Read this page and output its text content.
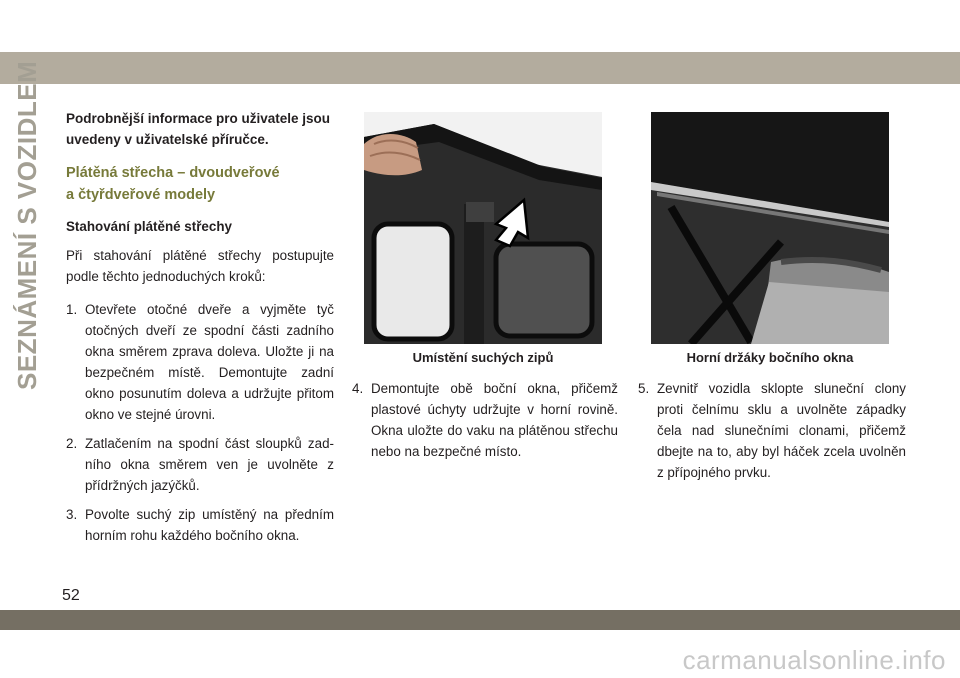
SEZNÁMENÍ S VOZIDLEM Podrobnější informace pro uživatele jsou uvedeny v uživatelské příručce.

Plátěná střecha – dvoudveřové
a čtyřdveřové modely

Stahování plátěné střechy

Při stahování plátěné střechy postupujte podle těchto jednoduchých kroků:

1. Otevřete otočné dveře a vyjměte tyč otočných dveří ze spodní části zadního okna směrem zprava doleva. Uložte ji na bezpečném místě. Demontujte zadní okno posunutím doleva a udržujte přitom okno ve stejné úrovni.
2. Zatlačením na spodní část sloupků zadního okna směrem ven je uvolněte z přídržných jazýčků.
3. Povolte suchý zip umístěný na předním horním rohu každého bočního okna.
Umístění suchých zipů	Horní držáky bočního okna
4. Demontujte obě boční okna, přičemž plastové úchyty udržujte v horní rovině. Okna uložte do vaku na plátěnou střechu nebo na bezpečné místo.
5. Zevnitř vozidla sklopte sluneční clony proti čelnímu sklu a uvolněte západky čela nad slunečními clonami, přičemž dbejte na to, aby byl háček zcela uvolněn z přípojného prvku.
52
carmanualsonline.info
